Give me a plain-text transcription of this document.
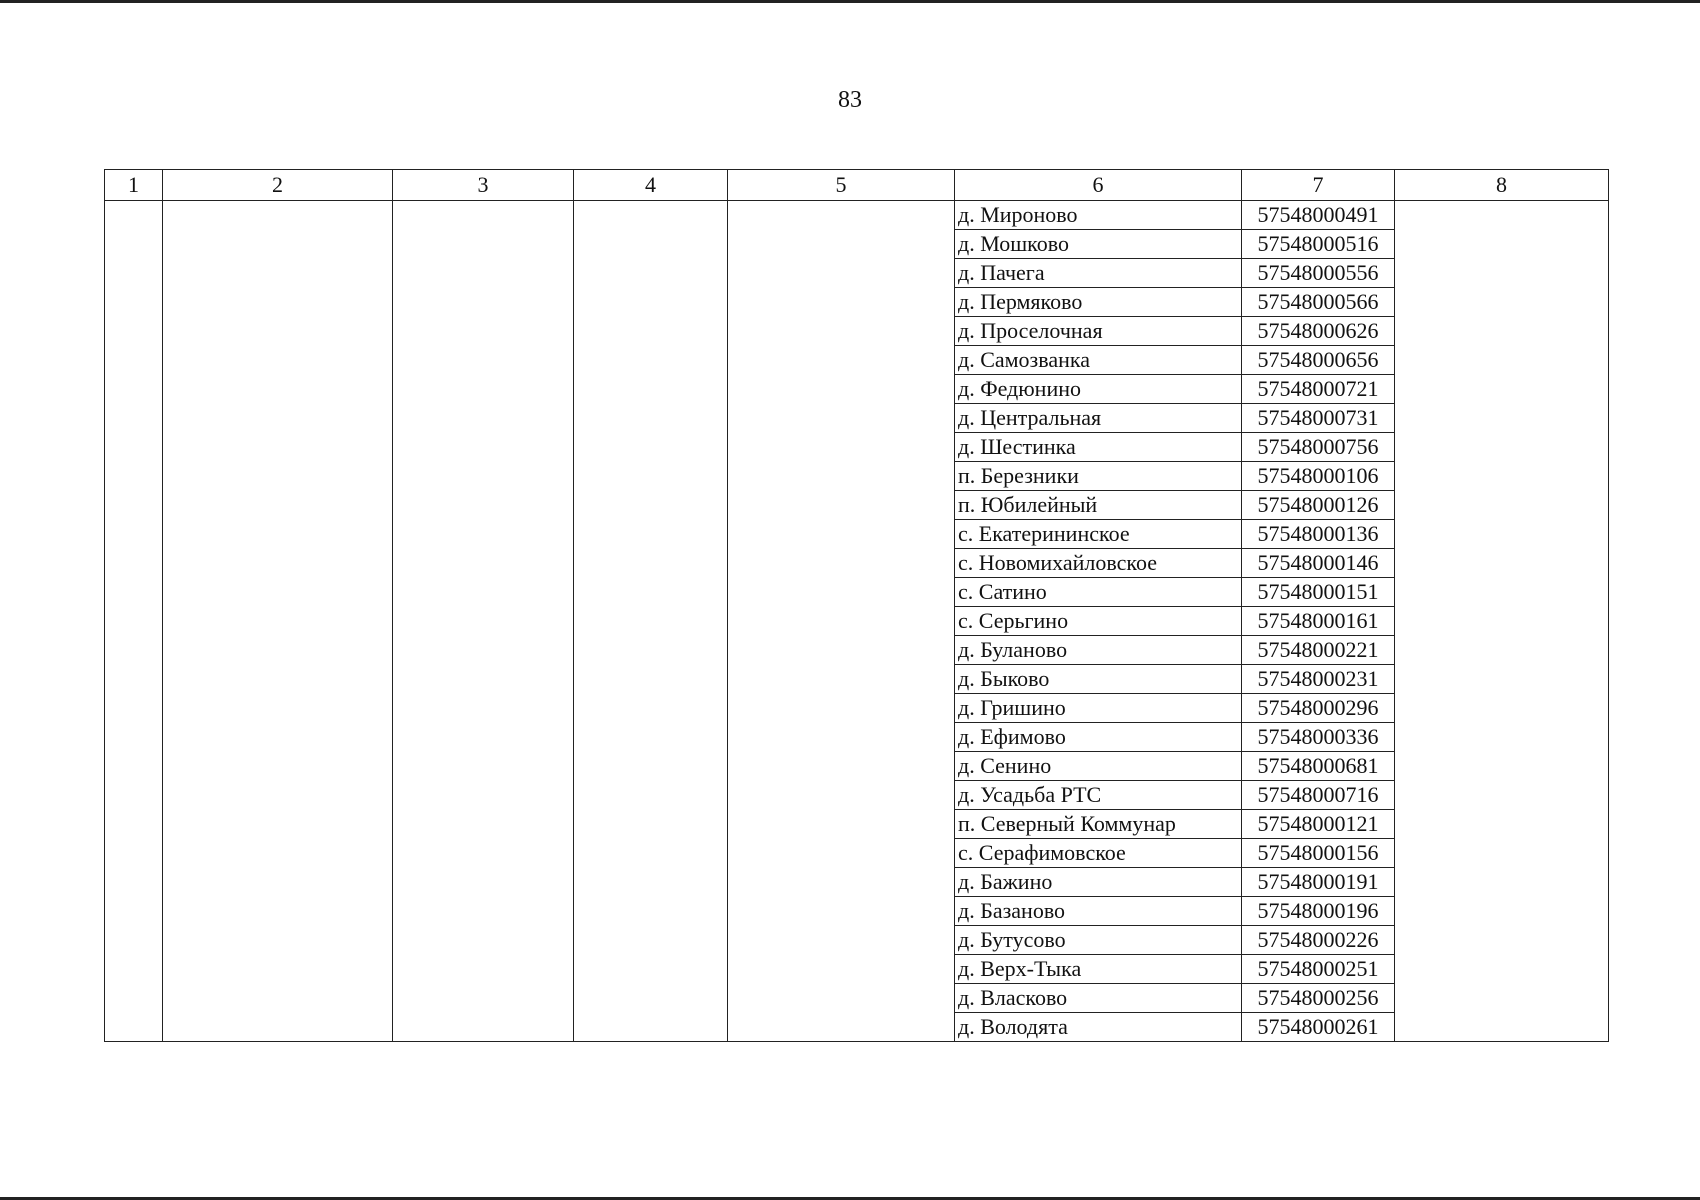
83
1	2	3	4	5	6	7	8
					д. Мироново	57548000491	
					д. Мошково	57548000516	
					д. Пачега	57548000556	
					д. Пермяково	57548000566	
					д. Проселочная	57548000626	
					д. Самозванка	57548000656	
					д. Федюнино	57548000721	
					д. Центральная	57548000731	
					д. Шестинка	57548000756	
					п. Березники	57548000106	
					п. Юбилейный	57548000126	
					с. Екатерининское	57548000136	
					с. Новомихайловское	57548000146	
					с. Сатино	57548000151	
					с. Серьгино	57548000161	
					д. Буланово	57548000221	
					д. Быково	57548000231	
					д. Гришино	57548000296	
					д. Ефимово	57548000336	
					д. Сенино	57548000681	
					д. Усадьба РТС	57548000716	
					п. Северный Коммунар	57548000121	
					с. Серафимовское	57548000156	
					д. Бажино	57548000191	
					д. Базаново	57548000196	
					д. Бутусово	57548000226	
					д. Верх-Тыка	57548000251	
					д. Власково	57548000256	
					д. Володята	57548000261	
